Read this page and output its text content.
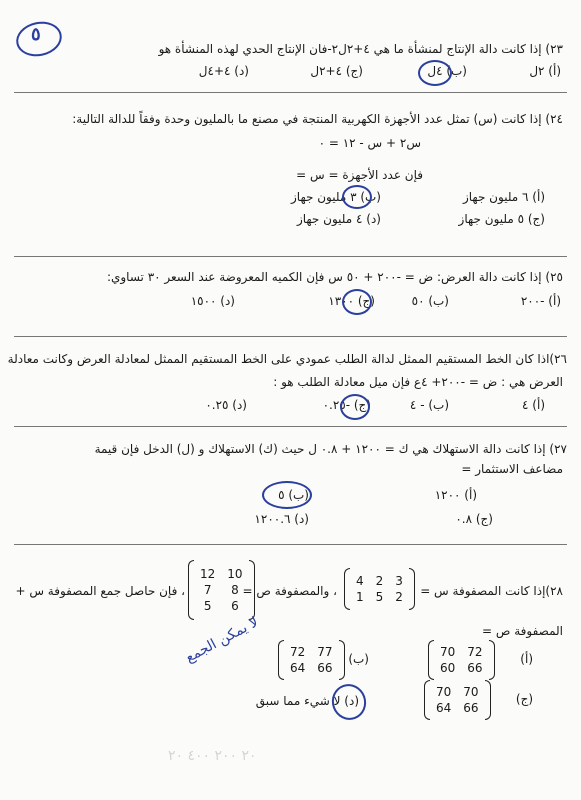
٥
٢٣) إذا كانت دالة الإنتاج لمنشأة ما هي ٤+٢ل٢-فان الإنتاج الحدي لهذه المنشأة هو
(أ) ٢ل
(ب) ٤ل
(ج) ٤+٢ل
(د) ٤+٤ل
٢٤) إذا كانت (س) تمثل عدد الأجهزة الكهربية المنتجة في مصنع ما بالمليون وحدة وفقاً للدالة التالية:
س٢ + س - ١٢ = ٠
فإن عدد الأجهزة = س =
(أ) ٦ مليون جهاز
(ب) ٣ مليون جهاز
(ج) ٥ مليون جهاز
(د) ٤ مليون جهاز
٢٥) إذا كانت دالة العرض: ض = -٢٠٠ + ٥٠ س فإن الكميه المعروضة عند السعر ٣٠ تساوي:
(أ) -٢٠٠
(ب) ٥٠
(ج) ١٣٠٠
(د) ١٥٠٠
٢٦)اذا كان الخط المستقيم الممثل لدالة الطلب عمودي على الخط المستقيم الممثل لمعادلة العرض وكانت معادلة
العرض هي : ض = -٢٠٠+ ٤ع فإن ميل معادلة الطلب هو :
(أ) ٤
(ب) - ٤
(ج) -٠.٢٥
(د) ٠.٢٥
٢٧) إذا كانت دالة الاستهلاك هي ك = ١٢٠٠ + ٠.٨ ل حيث (ك) الاستهلاك و (ل) الدخل فإن قيمة
مضاعف الاستثمار =
(أ) ١٢٠٠
(ب) ٥
(ج) ٠.٨
(د) ١٢٠٠.٦
٢٨)إذا كانت المصفوفة س =
4	2	3
1	5	2
، والمصفوفة ص =
12	10
7	8
5	6
، فإن حاصل جمع المصفوفة س +
المصفوفة ص =
(أ)
70	72
60	66
(ب)
72	77
64	66
(ج)
70	70
64	66
(د) لا شيء مما سبق
لا يمكن الجمع
٢٠ ٢٠٠ ٤٠٠ ٢٠
